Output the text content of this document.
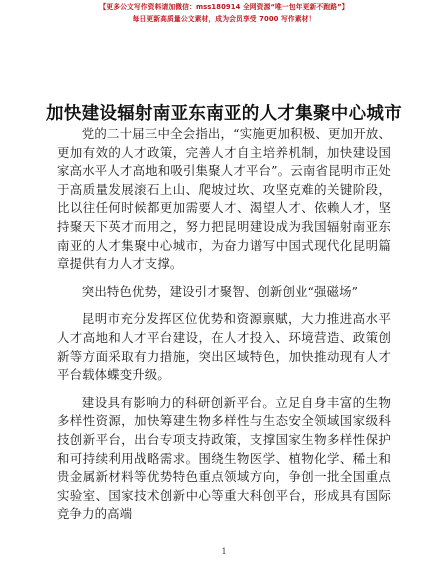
【更多公文写作资料请加微信：mss180914 全网资源“唯一包年更新不跑路”】
每日更新高质量公文素材，成为会员享受 7000 写作素材！
加快建设辐射南亚东南亚的人才集聚中心城市

党的二十届三中全会指出，“实施更加积极、更加开放、更加有效的人才政策，完善人才自主培养机制，加快建设国家高水平人才高地和吸引集聚人才平台”。云南省昆明市正处于高质量发展滚石上山、爬坡过坎、攻坚克难的关键阶段，比以往任何时候都更加需要人才、渴望人才、依赖人才，坚持聚天下英才而用之，努力把昆明建设成为我国辐射南亚东南亚的人才集聚中心城市，为奋力谱写中国式现代化昆明篇章提供有力人才支撑。

突出特色优势，建设引才聚智、创新创业“强磁场”

昆明市充分发挥区位优势和资源禀赋，大力推进高水平人才高地和人才平台建设，在人才投入、环境营造、政策创新等方面采取有力措施，突出区域特色，加快推动现有人才平台载体蝶变升级。

建设具有影响力的科研创新平台。立足自身丰富的生物多样性资源，加快筹建生物多样性与生态安全领域国家级科技创新平台，出台专项支持政策，支撑国家生物多样性保护和可持续利用战略需求。围绕生物医学、植物化学、稀土和贵金属新材料等优势特色重点领域方向，争创一批全国重点实验室、国家技术创新中心等重大科创平台，形成具有国际竞争力的高端

1
